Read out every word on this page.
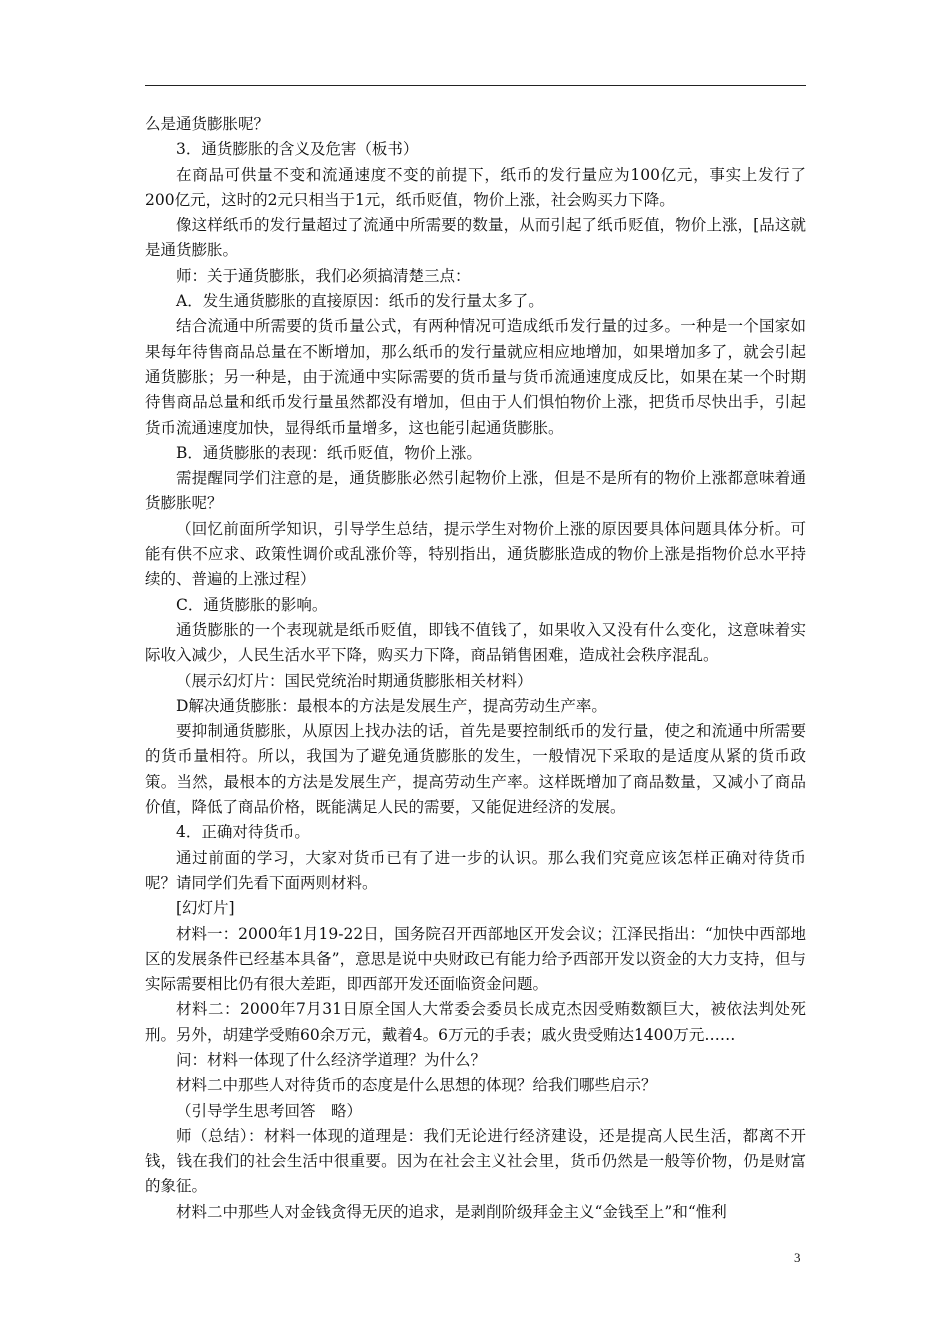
么是通货膨胀呢？

3．通货膨胀的含义及危害（板书）

在商品可供量不变和流通速度不变的前提下，纸币的发行量应为100亿元，事实上发行了200亿元，这时的2元只相当于1元，纸币贬值，物价上涨，社会购买力下降。

像这样纸币的发行量超过了流通中所需要的数量，从而引起了纸币贬值，物价上涨，[品这就是通货膨胀。

师：关于通货膨胀，我们必须搞清楚三点：

A．发生通货膨胀的直接原因：纸币的发行量太多了。

结合流通中所需要的货币量公式，有两种情况可造成纸币发行量的过多。一种是一个国家如果每年待售商品总量在不断增加，那么纸币的发行量就应相应地增加，如果增加多了，就会引起通货膨胀；另一种是，由于流通中实际需要的货币量与货币流通速度成反比，如果在某一个时期待售商品总量和纸币发行量虽然都没有增加，但由于人们惧怕物价上涨，把货币尽快出手，引起货币流通速度加快，显得纸币量增多，这也能引起通货膨胀。

B．通货膨胀的表现：纸币贬值，物价上涨。

需提醒同学们注意的是，通货膨胀必然引起物价上涨，但是不是所有的物价上涨都意味着通货膨胀呢？

（回忆前面所学知识，引导学生总结，提示学生对物价上涨的原因要具体问题具体分析。可能有供不应求、政策性调价或乱涨价等，特别指出，通货膨胀造成的物价上涨是指物价总水平持续的、普遍的上涨过程）

C．通货膨胀的影响。

通货膨胀的一个表现就是纸币贬值，即钱不值钱了，如果收入又没有什么变化，这意味着实际收入减少，人民生活水平下降，购买力下降，商品销售困难，造成社会秩序混乱。

（展示幻灯片：国民党统治时期通货膨胀相关材料）

D解决通货膨胀：最根本的方法是发展生产，提高劳动生产率。

要抑制通货膨胀，从原因上找办法的话，首先是要控制纸币的发行量，使之和流通中所需要的货币量相符。所以，我国为了避免通货膨胀的发生，一般情况下采取的是适度从紧的货币政策。当然，最根本的方法是发展生产，提高劳动生产率。这样既增加了商品数量，又减小了商品价值，降低了商品价格，既能满足人民的需要，又能促进经济的发展。

4．正确对待货币。

通过前面的学习，大家对货币已有了进一步的认识。那么我们究竟应该怎样正确对待货币呢？请同学们先看下面两则材料。

[幻灯片]

材料一：2000年1月19-22日，国务院召开西部地区开发会议；江泽民指出：“加快中西部地区的发展条件已经基本具备”，意思是说中央财政已有能力给予西部开发以资金的大力支持，但与实际需要相比仍有很大差距，即西部开发还面临资金问题。

材料二：2000年7月31日原全国人大常委会委员长成克杰因受贿数额巨大，被依法判处死刑。另外，胡建学受贿60余万元，戴着4。6万元的手表；戚火贵受贿达1400万元……

问：材料一体现了什么经济学道理？为什么？

材料二中那些人对待货币的态度是什么思想的体现？给我们哪些启示？

（引导学生思考回答　略）

师（总结）：材料一体现的道理是：我们无论进行经济建设，还是提高人民生活，都离不开钱，钱在我们的社会生活中很重要。因为在社会主义社会里，货币仍然是一般等价物，仍是财富的象征。

材料二中那些人对金钱贪得无厌的追求，是剥削阶级拜金主义“金钱至上”和“惟利

3
